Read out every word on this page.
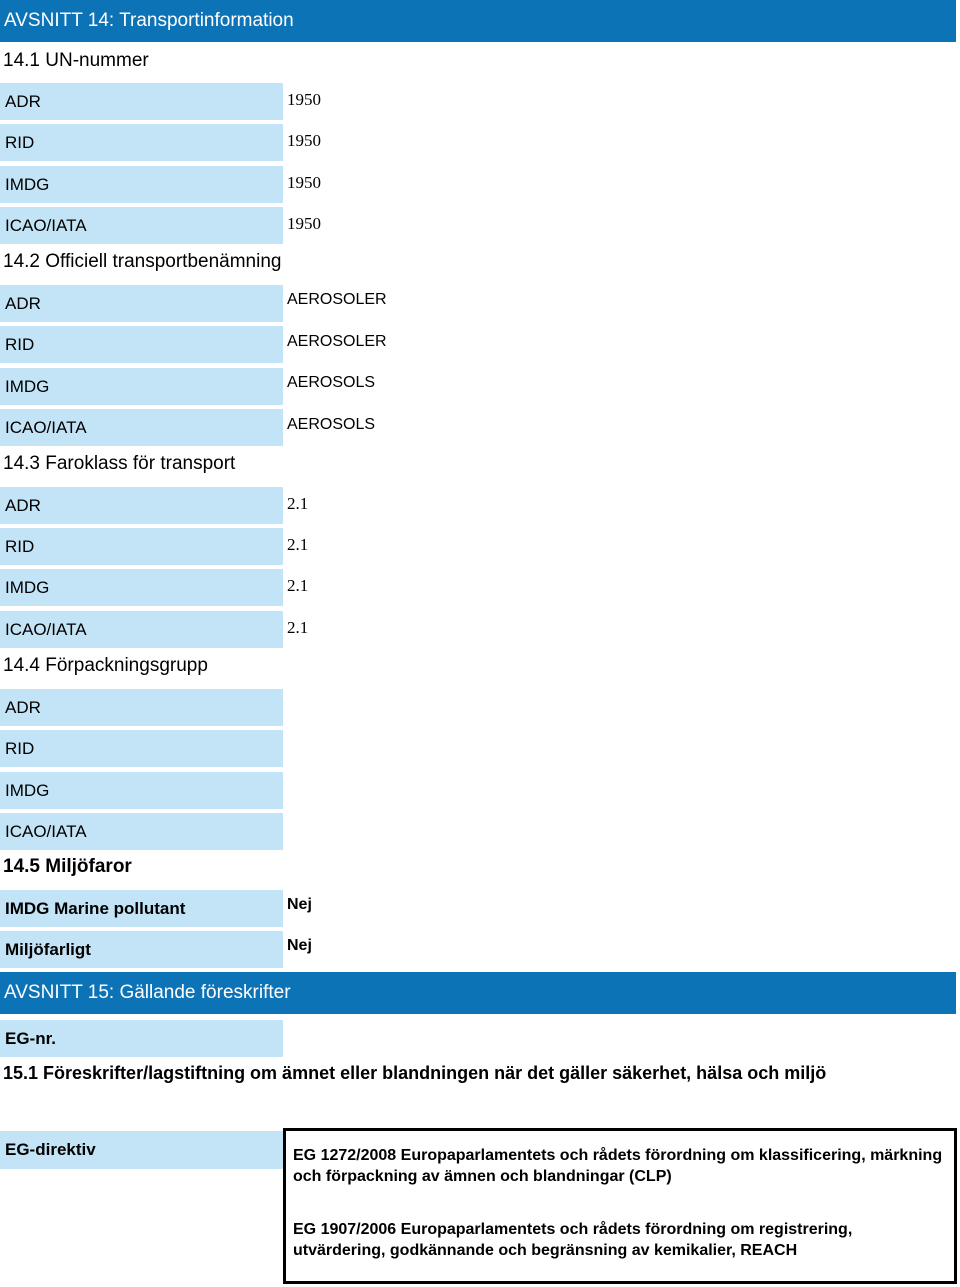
AVSNITT 14: Transportinformation
14.1 UN-nummer
ADR	1950
RID	1950
IMDG	1950
ICAO/IATA	1950
14.2 Officiell transportbenämning
ADR	AEROSOLER
RID	AEROSOLER
IMDG	AEROSOLS
ICAO/IATA	AEROSOLS
14.3 Faroklass för transport
ADR	2.1
RID	2.1
IMDG	2.1
ICAO/IATA	2.1
14.4 Förpackningsgrupp
ADR
RID
IMDG
ICAO/IATA
14.5 Miljöfaror
IMDG Marine pollutant	Nej
Miljöfarligt	Nej
AVSNITT 15: Gällande föreskrifter
EG-nr.
15.1 Föreskrifter/lagstiftning om ämnet eller blandningen när det gäller säkerhet, hälsa och miljö
EG-direktiv	EG 1272/2008 Europaparlamentets och rådets förordning om klassificering, märkning och förpackning av ämnen och blandningar (CLP)
EG 1907/2006 Europaparlamentets och rådets förordning om registrering, utvärdering, godkännande och begränsning av kemikalier, REACH
